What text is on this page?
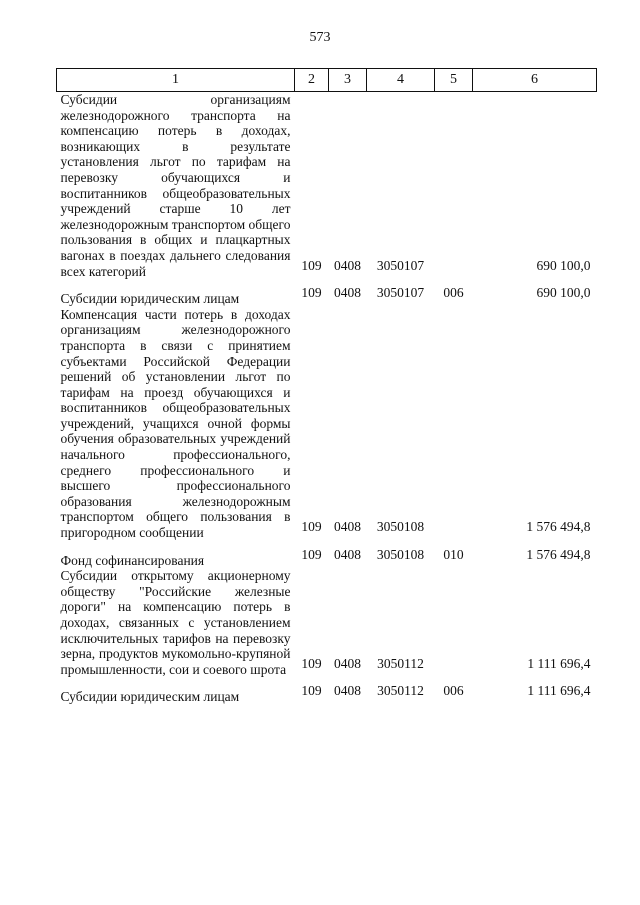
573
1	2	3	4	5	6
Субсидии организациям железнодорожного транспорта на компенсацию потерь в доходах, возникающих в результате установления льгот по тарифам на перевозку обучающихся и воспитанников общеобразовательных учреждений старше 10 лет железнодорожным транспортом общего пользования в общих и плацкартных вагонах в поездах дальнего следования всех категорий	109	0408	3050107		690 100,0
Субсидии юридическим лицам	109	0408	3050107	006	690 100,0
Компенсация части потерь в доходах организациям железнодорожного транспорта в связи с принятием субъектами Российской Федерации решений об установлении льгот по тарифам на проезд обучающихся и воспитанников общеобразовательных учреждений, учащихся очной формы обучения образовательных учреждений начального профессионального, среднего профессионального и высшего профессионального образования железнодорожным транспортом общего пользования в пригородном сообщении	109	0408	3050108		1 576 494,8
Фонд софинансирования	109	0408	3050108	010	1 576 494,8
Субсидии открытому акционерному обществу "Российские железные дороги" на компенсацию потерь в доходах, связанных с установлением исключительных тарифов на перевозку зерна, продуктов мукомольно-крупяной промышленности, сои и соевого шрота	109	0408	3050112		1 111 696,4
Субсидии юридическим лицам	109	0408	3050112	006	1 111 696,4
